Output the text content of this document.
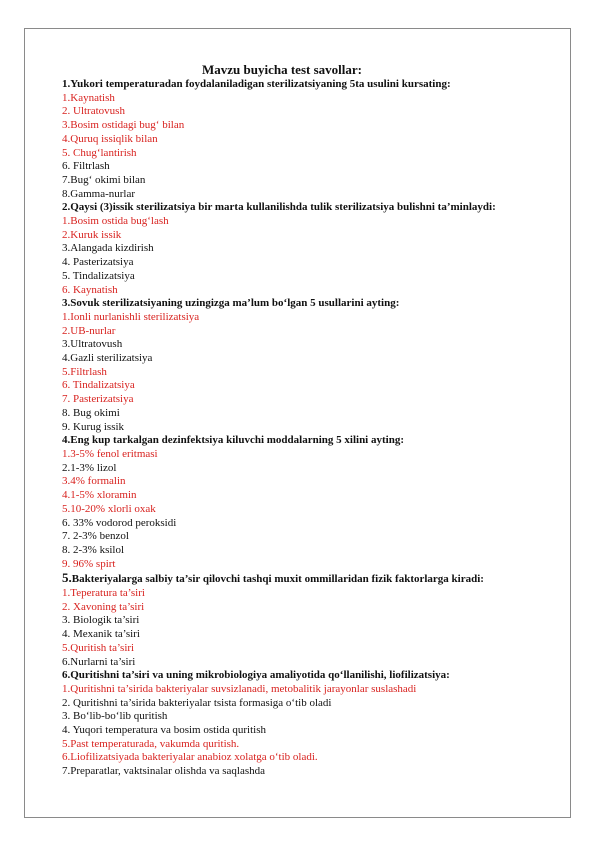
Mavzu buyicha test savollar:
1.Yukori temperaturadan foydalaniladigan sterilizatsiyaning 5ta usulini kursating:
1.Kaynatish
2. Ultratovush
3.Bosim ostidagi bug‘ bilan
4.Quruq issiqlik bilan
5. Chug‘lantirish
6. Filtrlash
7.Bug‘ okimi bilan
8.Gamma-nurlar
2.Qaysi (3)issik sterilizatsiya bir marta kullanilishda tulik sterilizatsiya bulishni ta’minlaydi:
1.Bosim ostida bug‘lash
2.Kuruk issik
3.Alangada kizdirish
4. Pasterizatsiya
5. Tindalizatsiya
6. Kaynatish
3.Sovuk sterilizatsiyaning uzingizga ma’lum bo‘lgan 5 usullarini ayting:
1.Ionli nurlanishli sterilizatsiya
2.UB-nurlar
3.Ultratovush
4.Gazli sterilizatsiya
5.Filtrlash
6. Tindalizatsiya
7. Pasterizatsiya
8. Bug okimi
9. Kurug issik
4.Eng kup tarkalgan dezinfektsiya kiluvchi moddalarning 5 xilini ayting:
1.3-5% fenol eritmasi
2.1-3% lizol
3.4% formalin
4.1-5% xloramin
5.10-20% xlorli oxak
6. 33% vodorod peroksidi
7. 2-3% benzol
8. 2-3% ksilol
9. 96% spirt
5.Bakteriyalarga salbiy ta’sir qilovchi tashqi muxit ommillaridan fizik faktorlarga kiradi:
1.Teperatura ta’siri
2. Xavoning ta’siri
3. Biologik ta’siri
4. Mexanik ta’siri
5.Quritish ta’siri
6.Nurlarni ta’siri
6.Quritishni ta’siri va uning mikrobiologiya amaliyotida qo‘llanilishi, liofilizatsiya:
1.Quritishni ta’sirida bakteriyalar suvsizlanadi, metobalitik jarayonlar suslashadi
2. Quritishni ta’sirida bakteriyalar tsista formasiga o‘tib oladi
3. Bo‘lib-bo‘lib quritish
4. Yuqori temperatura va bosim ostida quritish
5.Past temperaturada, vakumda quritish.
6.Liofilizatsiyada bakteriyalar anabioz xolatga o‘tib oladi.
7.Preparatlar, vaktsinalar olishda va saqlashda
